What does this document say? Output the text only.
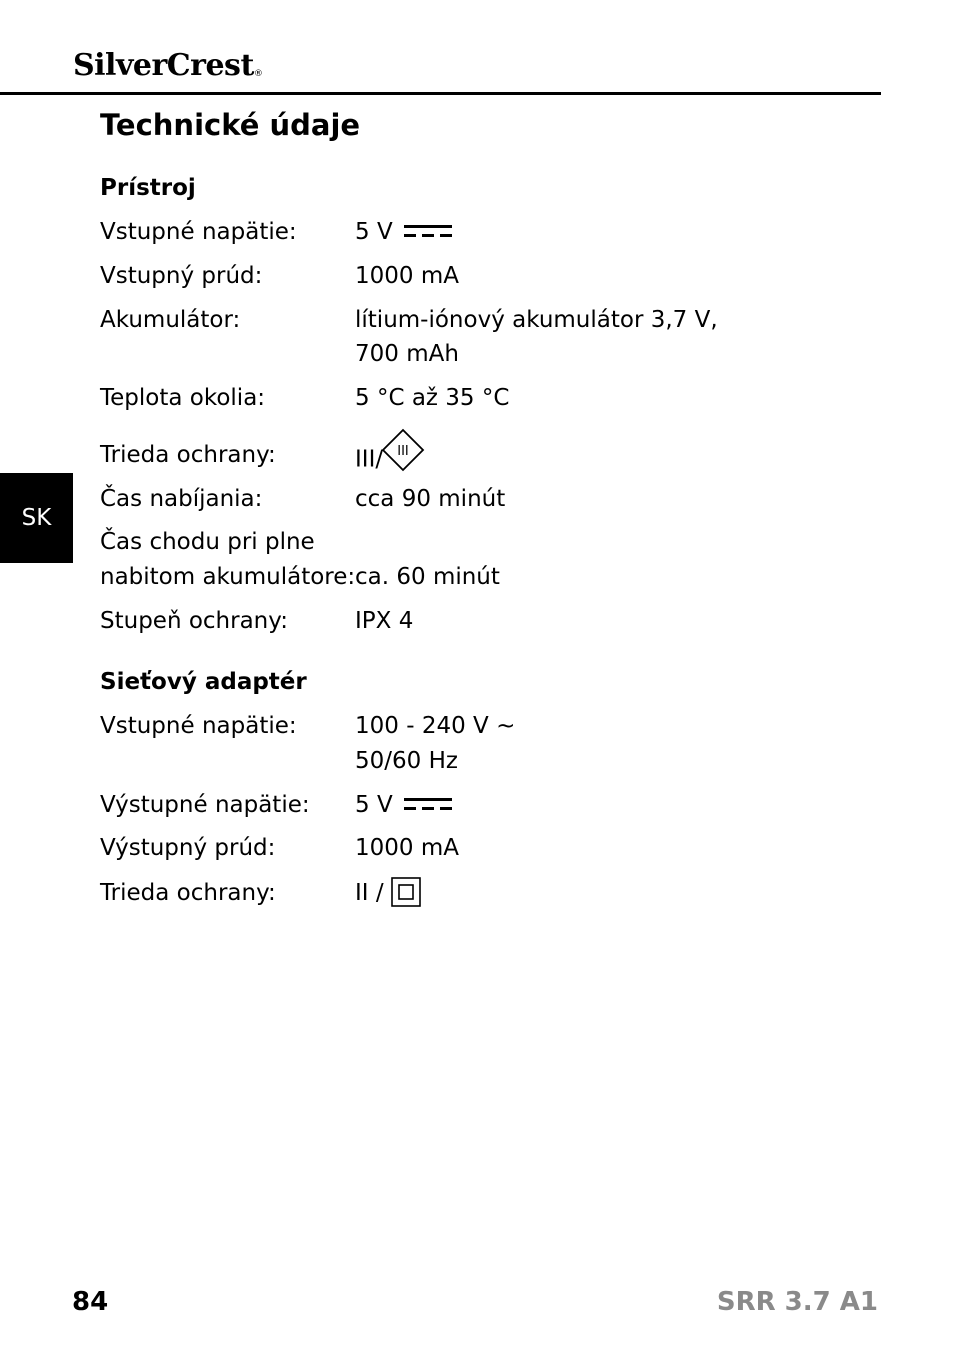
SilverCrest®
Technické údaje
SK
Prístroj
Vstupné napätie:	5 V
Vstupný prúd:	1000 mA
Akumulátor:	lítium-iónový akumulátor 3,7 V,
700 mAh
Teplota okolia:	5 °C až 35 °C
Trieda ochrany:	III/ III
Čas nabíjania:	cca 90 minút
Čas chodu pri plne
nabitom akumulátore: ca. 60 minút
Stupeň ochrany:	IPX 4
Sieťový adaptér
Vstupné napätie:	100 - 240 V ~
50/60 Hz
Výstupné napätie: 5 V
Výstupný prúd:	1000 mA
Trieda ochrany:	II /
84	SRR 3.7 A1
